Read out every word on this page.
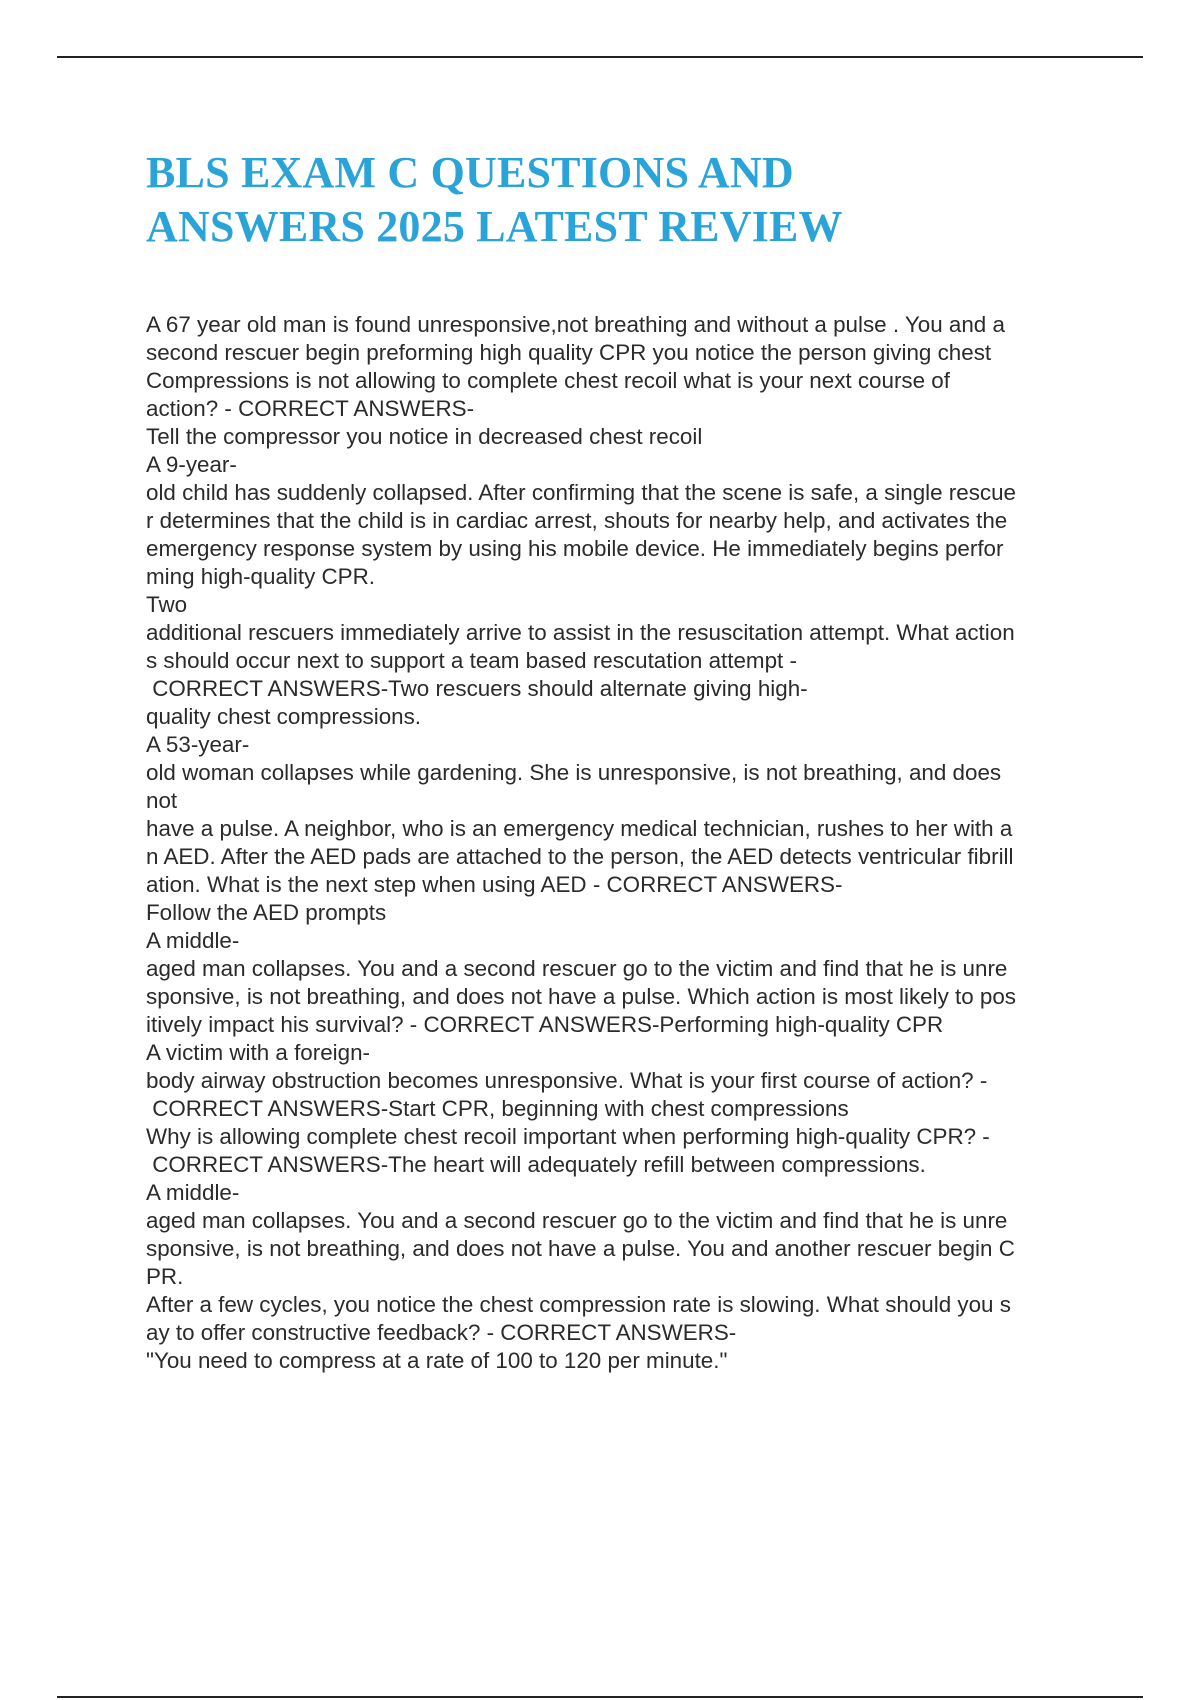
BLS EXAM C QUESTIONS AND
ANSWERS 2025 LATEST REVIEW
A 67 year old man is found unresponsive,not breathing and without a pulse . You and a
second rescuer begin preforming high quality CPR you notice the person giving chest
Compressions is not allowing to complete chest recoil what is your next course of
action? - CORRECT ANSWERS-
Tell the compressor you notice in decreased chest recoil
A 9-year-
old child has suddenly collapsed. After confirming that the scene is safe, a single rescue
r determines that the child is in cardiac arrest, shouts for nearby help, and activates the
emergency response system by using his mobile device. He immediately begins perfor
ming high-quality CPR.
Two
additional rescuers immediately arrive to assist in the resuscitation attempt. What action
s should occur next to support a team based rescutation attempt -
CORRECT ANSWERS-Two rescuers should alternate giving high-
quality chest compressions.
A 53-year-
old woman collapses while gardening. She is unresponsive, is not breathing, and does
not
have a pulse. A neighbor, who is an emergency medical technician, rushes to her with a
n AED. After the AED pads are attached to the person, the AED detects ventricular fibrill
ation. What is the next step when using AED - CORRECT ANSWERS-
Follow the AED prompts
A middle-
aged man collapses. You and a second rescuer go to the victim and find that he is unre
sponsive, is not breathing, and does not have a pulse. Which action is most likely to pos
itively impact his survival? - CORRECT ANSWERS-Performing high-quality CPR
A victim with a foreign-
body airway obstruction becomes unresponsive. What is your first course of action? -
CORRECT ANSWERS-Start CPR, beginning with chest compressions
Why is allowing complete chest recoil important when performing high-quality CPR? -
CORRECT ANSWERS-The heart will adequately refill between compressions.
A middle-
aged man collapses. You and a second rescuer go to the victim and find that he is unre
sponsive, is not breathing, and does not have a pulse. You and another rescuer begin C
PR.
After a few cycles, you notice the chest compression rate is slowing. What should you s
ay to offer constructive feedback? - CORRECT ANSWERS-
"You need to compress at a rate of 100 to 120 per minute."
